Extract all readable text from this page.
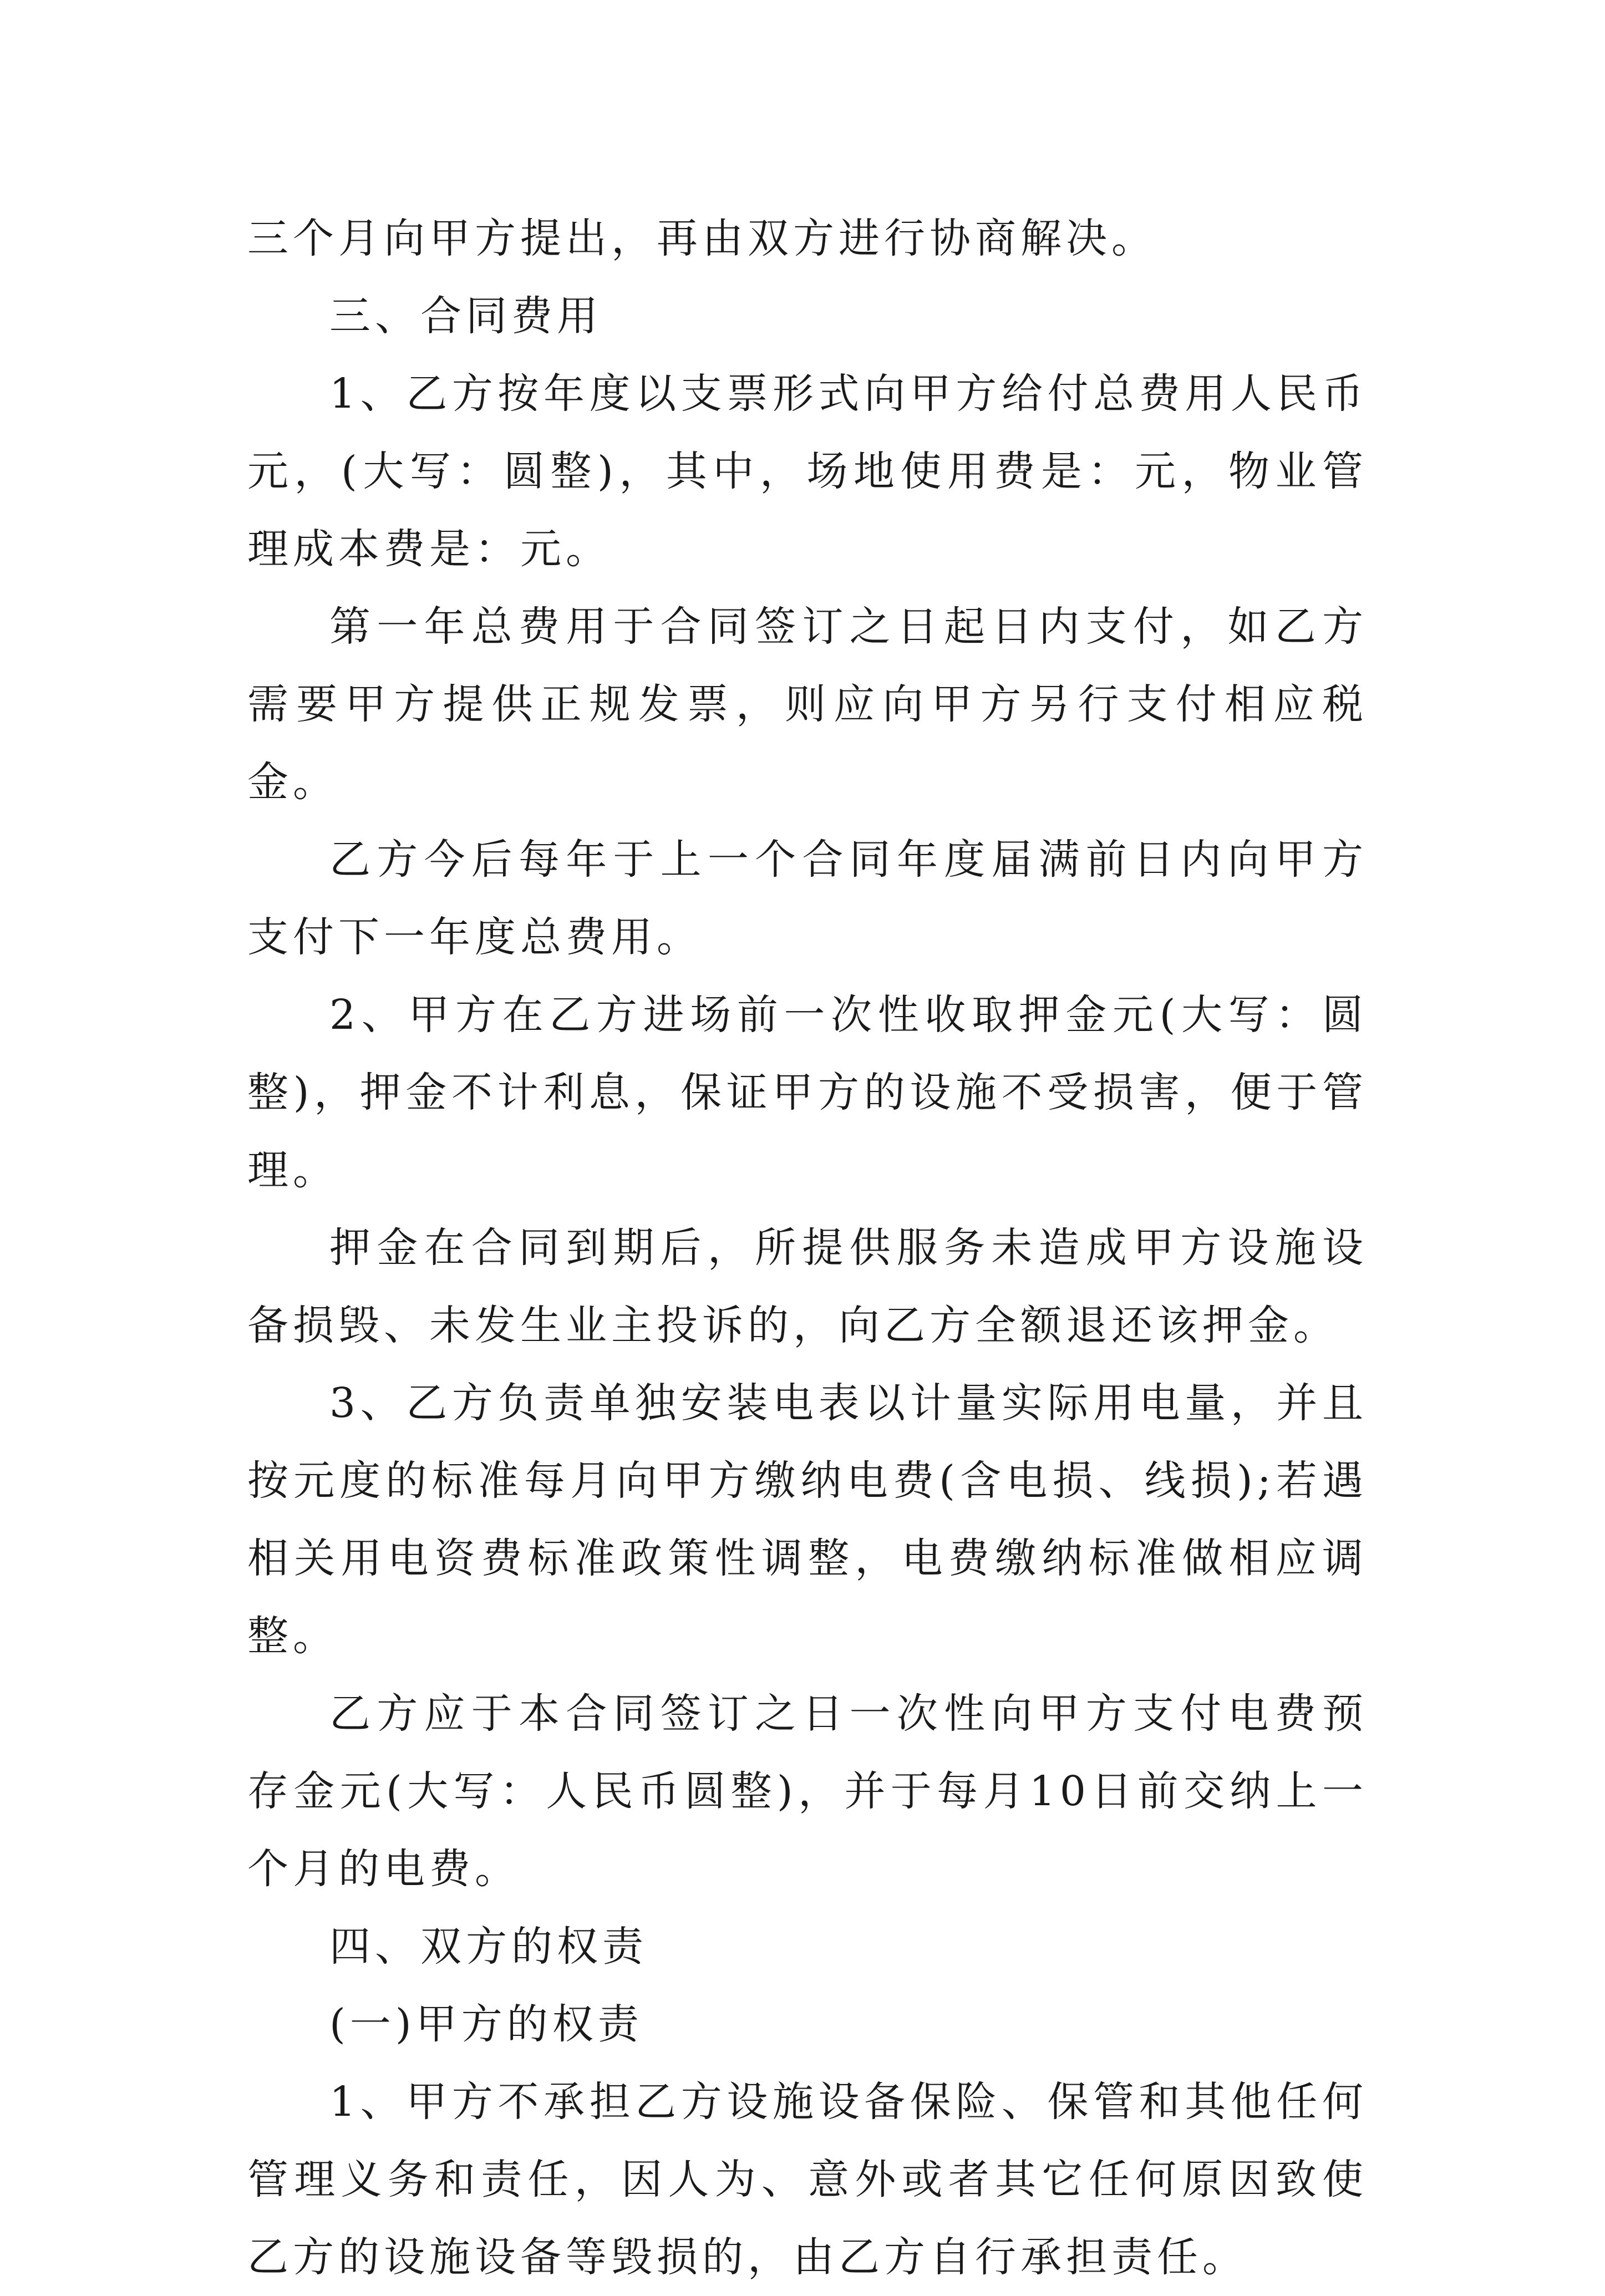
三个月向甲方提出，再由双方进行协商解决。

三、合同费用

1、乙方按年度以支票形式向甲方给付总费用人民币元，(大写：圆整)，其中，场地使用费是：元，物业管理成本费是：元。

第一年总费用于合同签订之日起日内支付，如乙方需要甲方提供正规发票，则应向甲方另行支付相应税金。

乙方今后每年于上一个合同年度届满前日内向甲方支付下一年度总费用。

2、甲方在乙方进场前一次性收取押金元(大写：圆整)，押金不计利息，保证甲方的设施不受损害，便于管理。

押金在合同到期后，所提供服务未造成甲方设施设备损毁、未发生业主投诉的，向乙方全额退还该押金。

3、乙方负责单独安装电表以计量实际用电量，并且按元度的标准每月向甲方缴纳电费(含电损、线损);若遇相关用电资费标准政策性调整，电费缴纳标准做相应调整。

乙方应于本合同签订之日一次性向甲方支付电费预存金元(大写：人民币圆整)，并于每月10日前交纳上一个月的电费。

四、双方的权责

(一)甲方的权责

1、甲方不承担乙方设施设备保险、保管和其他任何管理义务和责任，因人为、意外或者其它任何原因致使乙方的设施设备等毁损的，由乙方自行承担责任。
